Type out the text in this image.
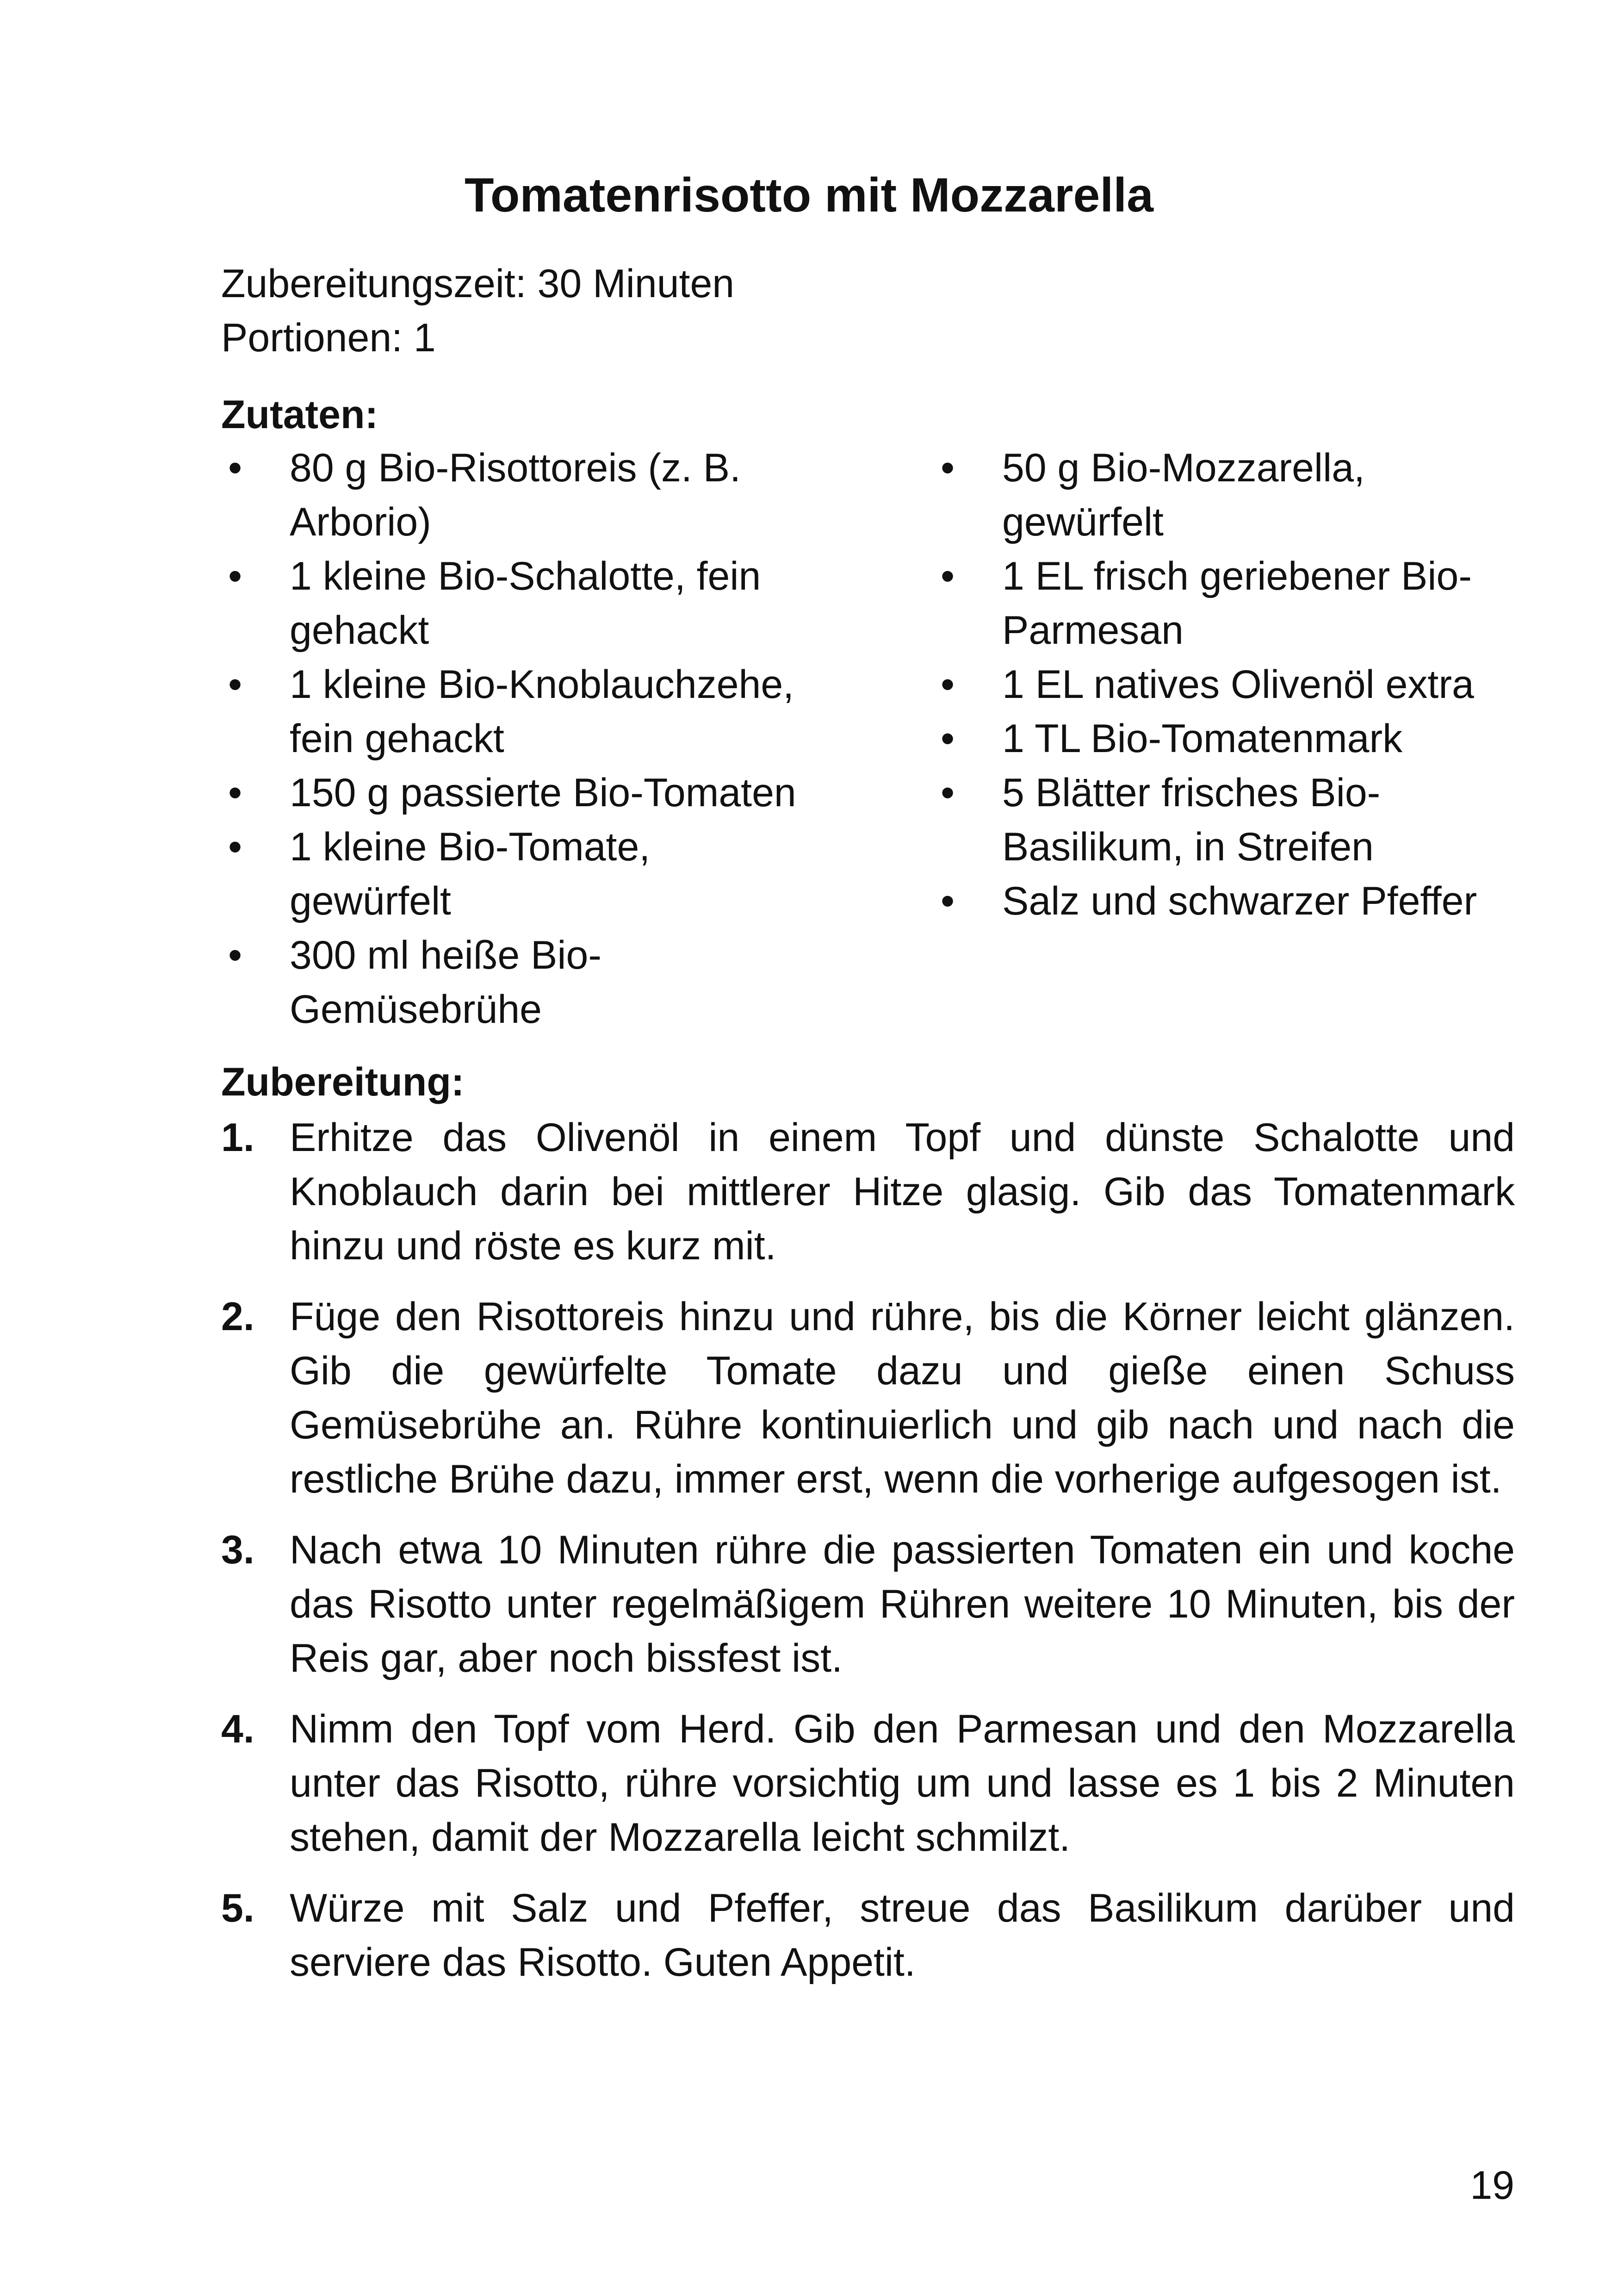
Tomatenrisotto mit Mozzarella
Zubereitungszeit: 30 Minuten
Portionen: 1
Zutaten:
• 80 g Bio-Risottoreis (z. B. Arborio)
• 1 kleine Bio-Schalotte, fein gehackt
• 1 kleine Bio-Knoblauchzehe, fein gehackt
• 150 g passierte Bio-Tomaten
• 1 kleine Bio-Tomate, gewürfelt
• 300 ml heiße Bio-Gemüsebrühe
• 50 g Bio-Mozzarella, gewürfelt
• 1 EL frisch geriebener Bio-Parmesan
• 1 EL natives Olivenöl extra
• 1 TL Bio-Tomatenmark
• 5 Blätter frisches Bio-Basilikum, in Streifen
• Salz und schwarzer Pfeffer
Zubereitung:
1. Erhitze das Olivenöl in einem Topf und dünste Schalotte und Knoblauch darin bei mittlerer Hitze glasig. Gib das Tomatenmark hinzu und röste es kurz mit.
2. Füge den Risottoreis hinzu und rühre, bis die Körner leicht glänzen. Gib die gewürfelte Tomate dazu und gieße einen Schuss Gemüsebrühe an. Rühre kontinuierlich und gib nach und nach die restliche Brühe dazu, immer erst, wenn die vorherige aufgesogen ist.
3. Nach etwa 10 Minuten rühre die passierten Tomaten ein und koche das Risotto unter regelmäßigem Rühren weitere 10 Minuten, bis der Reis gar, aber noch bissfest ist.
4. Nimm den Topf vom Herd. Gib den Parmesan und den Mozzarella unter das Risotto, rühre vorsichtig um und lasse es 1 bis 2 Minuten stehen, damit der Mozzarella leicht schmilzt.
5. Würze mit Salz und Pfeffer, streue das Basilikum darüber und serviere das Risotto. Guten Appetit.
19
